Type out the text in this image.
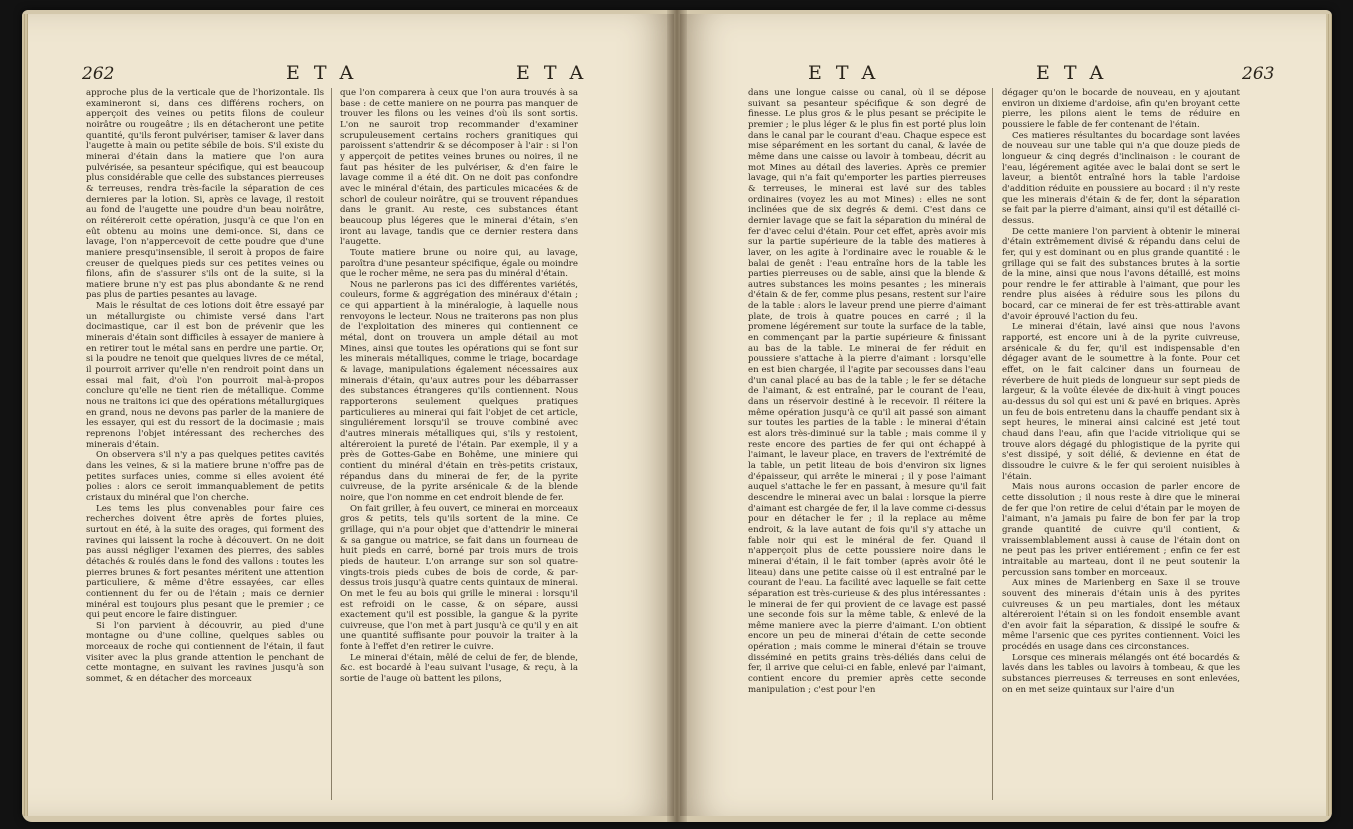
262	ETA	ETA

approche plus de la verticale que de l'horizontale. Ils examineront si, dans ces différens rochers, on apperçoit des veines ou petits filons de couleur noirâtre ou rougeâtre ; ils en détacheront une petite quantité, qu'ils feront pulvériser, tamiser & laver dans l'augette à main ou petite sébile de bois. S'il existe du minerai d'étain dans la matiere que l'on aura pulvérisée, sa pesanteur spécifique, qui est beaucoup plus considérable que celle des substances pierreuses & terreuses, rendra très-facile la séparation de ces dernieres par la lotion. Si, après ce lavage, il restoit au fond de l'augette une poudre d'un beau noirâtre, on réitéreroit cette opération, jusqu'à ce que l'on en eût obtenu au moins une demi-once. Si, dans ce lavage, l'on n'appercevoit de cette poudre que d'une maniere presqu'insensible, il seroit à propos de faire creuser de quelques pieds sur ces petites veines ou filons, afin de s'assurer s'ils ont de la suite, si la matiere brune n'y est pas plus abondante & ne rend pas plus de parties pesantes au lavage.

Mais le résultat de ces lotions doit être essayé par un métallurgiste ou chimiste versé dans l'art docimastique, car il est bon de prévenir que les minerais d'étain sont difficiles à essayer de maniere à en retirer tout le métal sans en perdre une partie. Or, si la poudre ne tenoit que quelques livres de ce métal, il pourroit arriver qu'elle n'en rendroit point dans un essai mal fait, d'où l'on pourroit mal-à-propos conclure qu'elle ne tient rien de métallique. Comme nous ne traitons ici que des opérations métallurgiques en grand, nous ne devons pas parler de la maniere de les essayer, qui est du ressort de la docimasie ; mais reprenons l'objet intéressant des recherches des minerais d'étain.

On observera s'il n'y a pas quelques petites cavités dans les veines, & si la matiere brune n'offre pas de petites surfaces unies, comme si elles avoient été polies : alors ce seroit immanquablement de petits cristaux du minéral que l'on cherche.

Les tems les plus convenables pour faire ces recherches doivent être après de fortes pluies, surtout en été, à la suite des orages, qui forment des ravines qui laissent la roche à découvert. On ne doit pas aussi négliger l'examen des pierres, des sables détachés & roulés dans le fond des vallons : toutes les pierres brunes & fort pesantes méritent une attention particuliere, & même d'être essayées, car elles contiennent du fer ou de l'étain ; mais ce dernier minéral est toujours plus pesant que le premier ; ce qui peut encore le faire distinguer.

Si l'on parvient à découvrir, au pied d'une montagne ou d'une colline, quelques sables ou morceaux de roche qui contiennent de l'étain, il faut visiter avec la plus grande attention le penchant de cette montagne, en suivant les ravines jusqu'à son sommet, & en détacher des morceaux

que l'on comparera à ceux que l'on aura trouvés à sa base : de cette maniere on ne pourra pas manquer de trouver les filons ou les veines d'où ils sont sortis. L'on ne sauroit trop recommander d'examiner scrupuleusement certains rochers granitiques qui paroissent s'attendrir & se décomposer à l'air : si l'on y apperçoit de petites veines brunes ou noires, il ne faut pas hésiter de les pulvériser, & d'en faire le lavage comme il a été dit. On ne doit pas confondre avec le minéral d'étain, des particules micacées & de schorl de couleur noirâtre, qui se trouvent répandues dans le granit. Au reste, ces substances étant beaucoup plus légeres que le minerai d'étain, s'en iront au lavage, tandis que ce dernier restera dans l'augette.

Toute matiere brune ou noire qui, au lavage, paroîtra d'une pesanteur spécifique, égale ou moindre que le rocher même, ne sera pas du minéral d'étain.

Nous ne parlerons pas ici des différentes variétés, couleurs, forme & aggrégation des minéraux d'étain ; ce qui appartient à la minéralogie, à laquelle nous renvoyons le lecteur. Nous ne traiterons pas non plus de l'exploitation des mineres qui contiennent ce métal, dont on trouvera un ample détail au mot Mines, ainsi que toutes les opérations qui se font sur les minerais métalliques, comme le triage, bocardage & lavage, manipulations également nécessaires aux minerais d'étain, qu'aux autres pour les débarrasser des substances étrangeres qu'ils contiennent. Nous rapporterons seulement quelques pratiques particulieres au minerai qui fait l'objet de cet article, singuliérement lorsqu'il se trouve combiné avec d'autres minerais métalliques qui, s'ils y restoient, altéreroient la pureté de l'étain. Par exemple, il y a près de Gottes-Gabe en Bohême, une miniere qui contient du minéral d'étain en très-petits cristaux, répandus dans du minerai de fer, de la pyrite cuivreuse, de la pyrite arsénicale & de la blende noire, que l'on nomme en cet endroit blende de fer.

On fait griller, à feu ouvert, ce minerai en morceaux gros & petits, tels qu'ils sortent de la mine. Ce grillage, qui n'a pour objet que d'attendrir le minerai & sa gangue ou matrice, se fait dans un fourneau de huit pieds en carré, borné par trois murs de trois pieds de hauteur. L'on arrange sur son sol quatre-vingts-trois pieds cubes de bois de corde, & par-dessus trois jusqu'à quatre cents quintaux de minerai. On met le feu au bois qui grille le minerai : lorsqu'il est refroidi on le casse, & on sépare, aussi exactement qu'il est possible, la gangue & la pyrite cuivreuse, que l'on met à part jusqu'à ce qu'il y en ait une quantité suffisante pour pouvoir la traiter à la fonte à l'effet d'en retirer le cuivre.

Le minerai d'étain, mêlé de celui de fer, de blende, &c. est bocardé à l'eau suivant l'usage, & reçu, à la sortie de l'auge où battent les pilons,

ETA	ETA	263

dans une longue caisse ou canal, où il se dépose suivant sa pesanteur spécifique & son degré de finesse. Le plus gros & le plus pesant se précipite le premier ; le plus léger & le plus fin est porté plus loin dans le canal par le courant d'eau. Chaque espece est mise séparément en les sortant du canal, & lavée de même dans une caisse ou lavoir à tombeau, décrit au mot Mines au détail des laveries. Après ce premier lavage, qui n'a fait qu'emporter les parties pierreuses & terreuses, le minerai est lavé sur des tables ordinaires (voyez les au mot Mines) : elles ne sont inclinées que de six degrés & demi. C'est dans ce dernier lavage que se fait la séparation du minéral de fer d'avec celui d'étain. Pour cet effet, après avoir mis sur la partie supérieure de la table des matieres à laver, on les agite à l'ordinaire avec le rouable & le balai de genêt : l'eau entraîne hors de la table les parties pierreuses ou de sable, ainsi que la blende & autres substances les moins pesantes ; les minerais d'étain & de fer, comme plus pesans, restent sur l'aire de la table : alors le laveur prend une pierre d'aimant plate, de trois à quatre pouces en carré ; il la promene légérement sur toute la surface de la table, en commençant par la partie supérieure & finissant au bas de la table. Le minerai de fer réduit en poussiere s'attache à la pierre d'aimant : lorsqu'elle en est bien chargée, il l'agite par secousses dans l'eau d'un canal placé au bas de la table ; le fer se détache de l'aimant, & est entraîné, par le courant de l'eau, dans un réservoir destiné à le recevoir. Il réitere la même opération jusqu'à ce qu'il ait passé son aimant sur toutes les parties de la table : le minerai d'étain est alors très-diminué sur la table ; mais comme il y reste encore des parties de fer qui ont échappé à l'aimant, le laveur place, en travers de l'extrémité de la table, un petit liteau de bois d'environ six lignes d'épaisseur, qui arrête le minerai ; il y pose l'aimant auquel s'attache le fer en passant, à mesure qu'il fait descendre le minerai avec un balai : lorsque la pierre d'aimant est chargée de fer, il la lave comme ci-dessus pour en détacher le fer ; il la replace au même endroit, & la lave autant de fois qu'il s'y attache un fable noir qui est le minéral de fer. Quand il n'apperçoit plus de cette poussiere noire dans le minerai d'étain, il le fait tomber (après avoir ôté le liteau) dans une petite caisse où il est entraîné par le courant de l'eau. La facilité avec laquelle se fait cette séparation est très-curieuse & des plus intéressantes : le minerai de fer qui provient de ce lavage est passé une seconde fois sur la même table, & enlevé de la même maniere avec la pierre d'aimant. L'on obtient encore un peu de minerai d'étain de cette seconde opération ; mais comme le minerai d'étain se trouve disséminé en petits grains très-déliés dans celui de fer, il arrive que celui-ci en fable, enlevé par l'aimant, contient encore du premier après cette seconde manipulation ; c'est pour l'en

dégager qu'on le bocarde de nouveau, en y ajoutant environ un dixieme d'ardoise, afin qu'en broyant cette pierre, les pilons aient le tems de réduire en poussiere le fable de fer contenant de l'étain.

Ces matieres résultantes du bocardage sont lavées de nouveau sur une table qui n'a que douze pieds de longueur & cinq degrés d'inclinaison : le courant de l'eau, légérement agitée avec le balai dont se sert le laveur, a bientôt entraîné hors la table l'ardoise d'addition réduite en poussiere au bocard : il n'y reste que les minerais d'étain & de fer, dont la séparation se fait par la pierre d'aimant, ainsi qu'il est détaillé ci-dessus.

De cette maniere l'on parvient à obtenir le minerai d'étain extrêmement divisé & répandu dans celui de fer, qui y est dominant ou en plus grande quantité : le grillage qui se fait des substances brutes à la sortie de la mine, ainsi que nous l'avons détaillé, est moins pour rendre le fer attirable à l'aimant, que pour les rendre plus aisées à réduire sous les pilons du bocard, car ce minerai de fer est très-attirable avant d'avoir éprouvé l'action du feu.

Le minerai d'étain, lavé ainsi que nous l'avons rapporté, est encore uni à de la pyrite cuivreuse, arsénicale & du fer, qu'il est indispensable d'en dégager avant de le soumettre à la fonte. Pour cet effet, on le fait calciner dans un fourneau de réverbere de huit pieds de longueur sur sept pieds de largeur, & la voûte élevée de dix-huit à vingt pouces au-dessus du sol qui est uni & pavé en briques. Après un feu de bois entretenu dans la chauffe pendant six à sept heures, le minerai ainsi calciné est jeté tout chaud dans l'eau, afin que l'acide vitriolique qui se trouve alors dégagé du phlogistique de la pyrite qui s'est dissipé, y soit délié, & devienne en état de dissoudre le cuivre & le fer qui seroient nuisibles à l'étain.

Mais nous aurons occasion de parler encore de cette dissolution ; il nous reste à dire que le minerai de fer que l'on retire de celui d'étain par le moyen de l'aimant, n'a jamais pu faire de bon fer par la trop grande quantité de cuivre qu'il contient, & vraissemblablement aussi à cause de l'étain dont on ne peut pas les priver entiérement ; enfin ce fer est intraitable au marteau, dont il ne peut soutenir la percussion sans tomber en morceaux.

Aux mines de Marienberg en Saxe il se trouve souvent des minerais d'étain unis à des pyrites cuivreuses & un peu martiales, dont les métaux altéreroient l'étain si on les fondoit ensemble avant d'en avoir fait la séparation, & dissipé le soufre & même l'arsenic que ces pyrites contiennent. Voici les procédés en usage dans ces circonstances.

Lorsque ces minerais mélangés ont été bocardés & lavés dans les tables ou lavoirs à tombeau, & que les substances pierreuses & terreuses en sont enlevées, on en met seize quintaux sur l'aire d'un
